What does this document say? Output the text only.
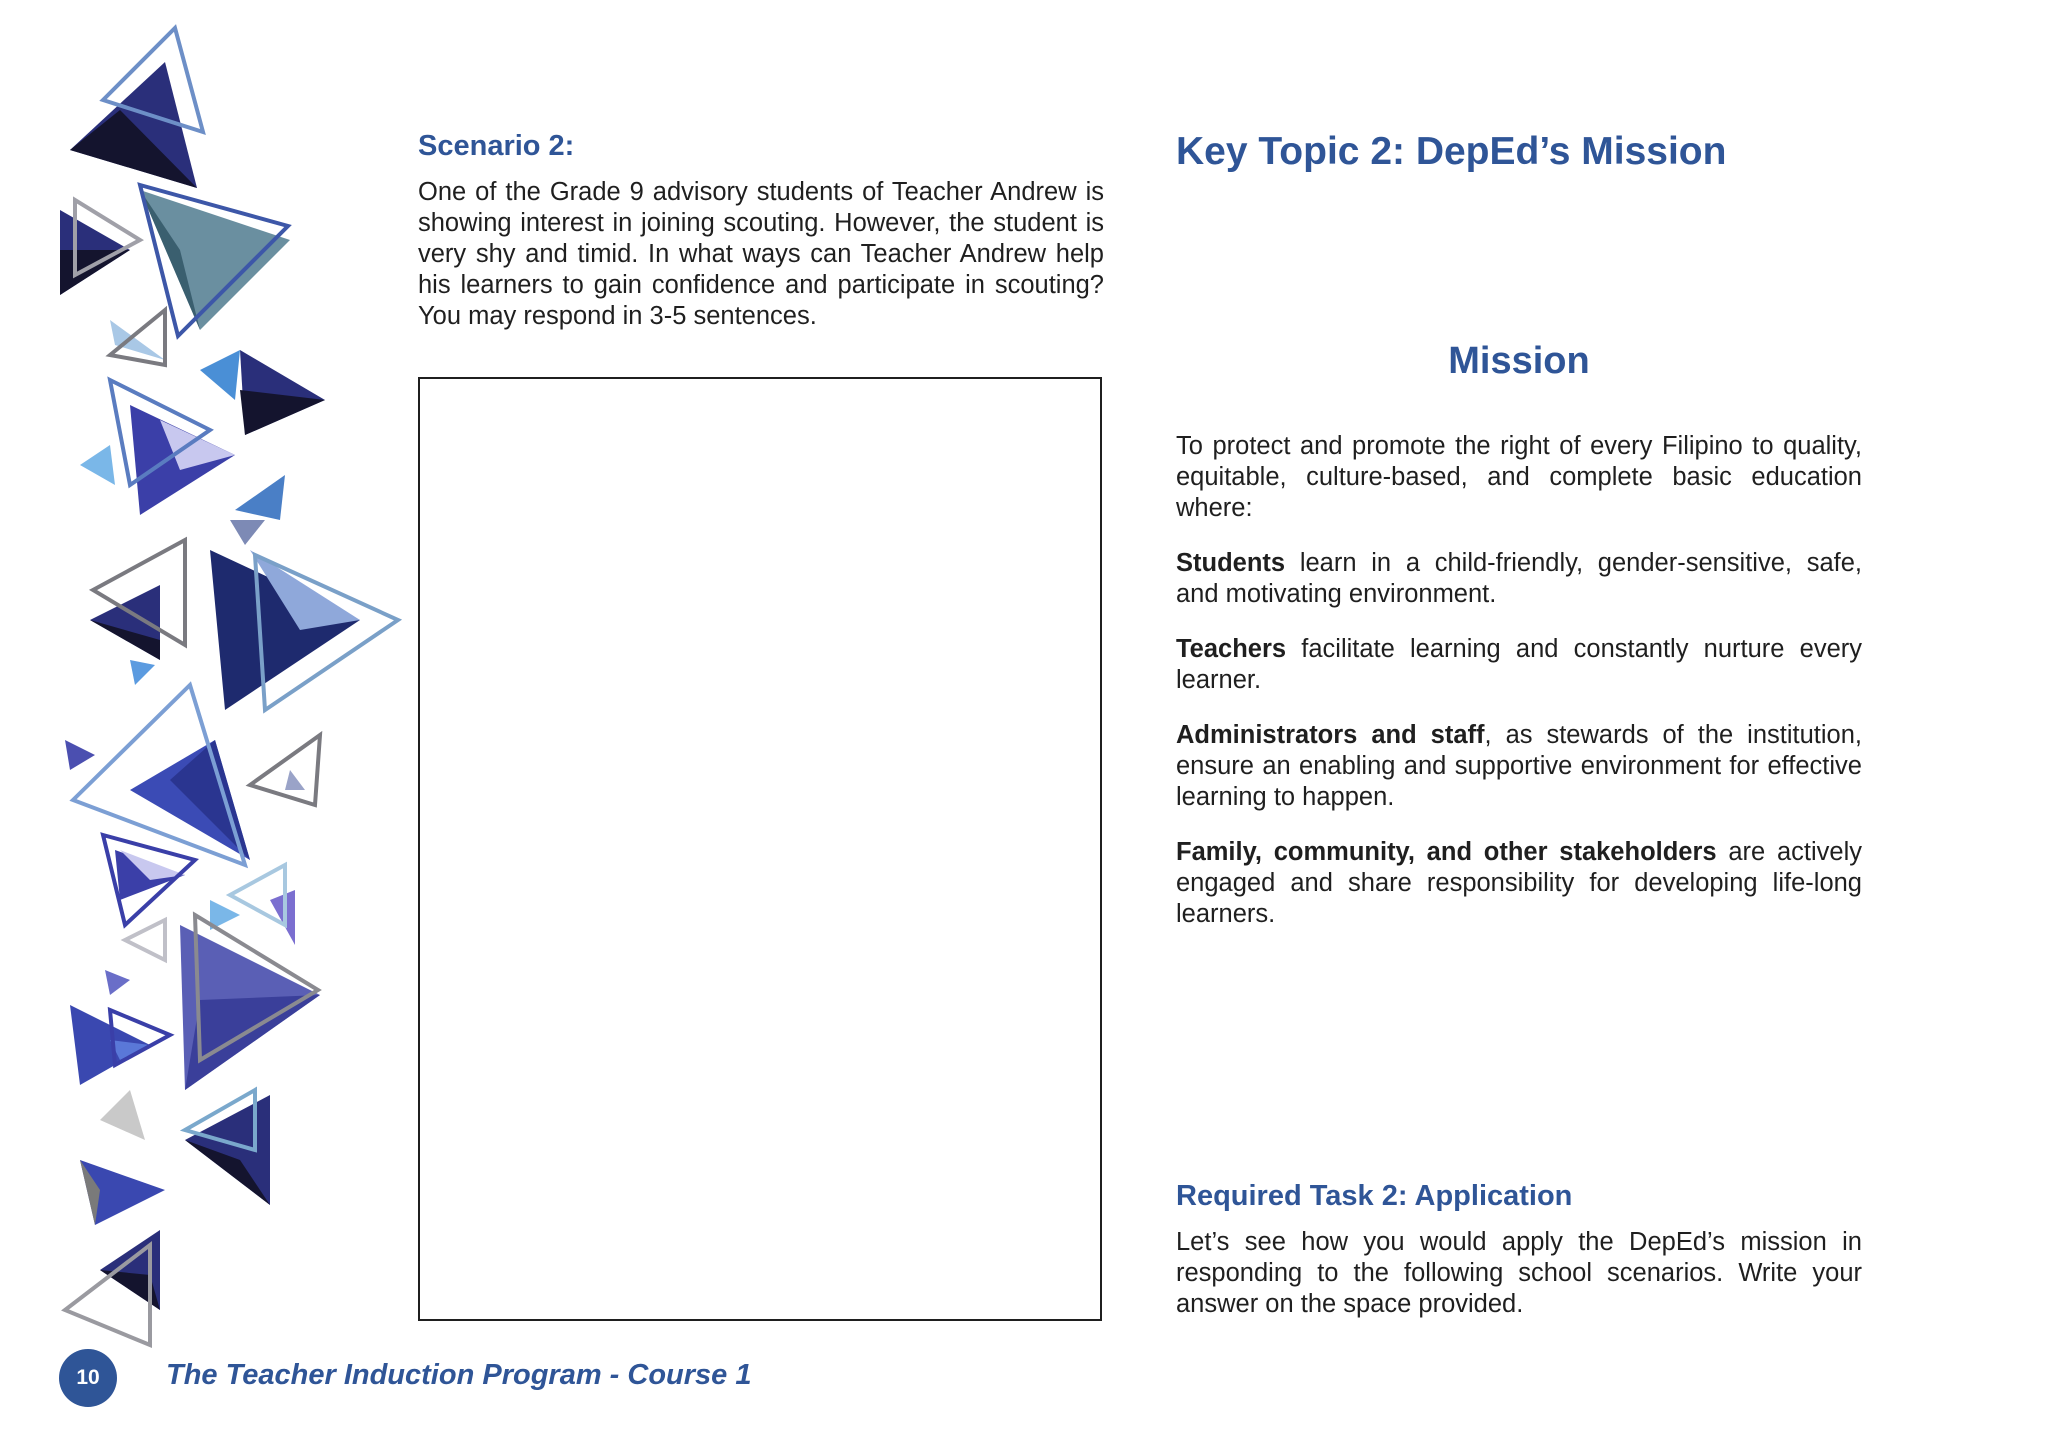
Scenario 2:

One of the Grade 9 advisory students of Teacher Andrew is showing interest in joining scouting. However, the student is very shy and timid. In what ways can Teacher Andrew help his learners to gain confidence and participate in scouting? You may respond in 3-5 sentences.

Key Topic 2: DepEd’s Mission

Mission

To protect and promote the right of every Filipino to quality, equitable, culture-based, and complete basic education where:

Students learn in a child-friendly, gender-sensitive, safe, and motivating environment.

Teachers facilitate learning and constantly nurture every learner.

Administrators and staff, as stewards of the institution, ensure an enabling and supportive environment for effective learning to happen.

Family, community, and other stakeholders are actively engaged and share responsibility for developing life-long learners.

Required Task 2: Application

Let’s see how you would apply the DepEd’s mission in responding to the following school scenarios. Write your answer on the space provided.

10	The Teacher Induction Program - Course 1
